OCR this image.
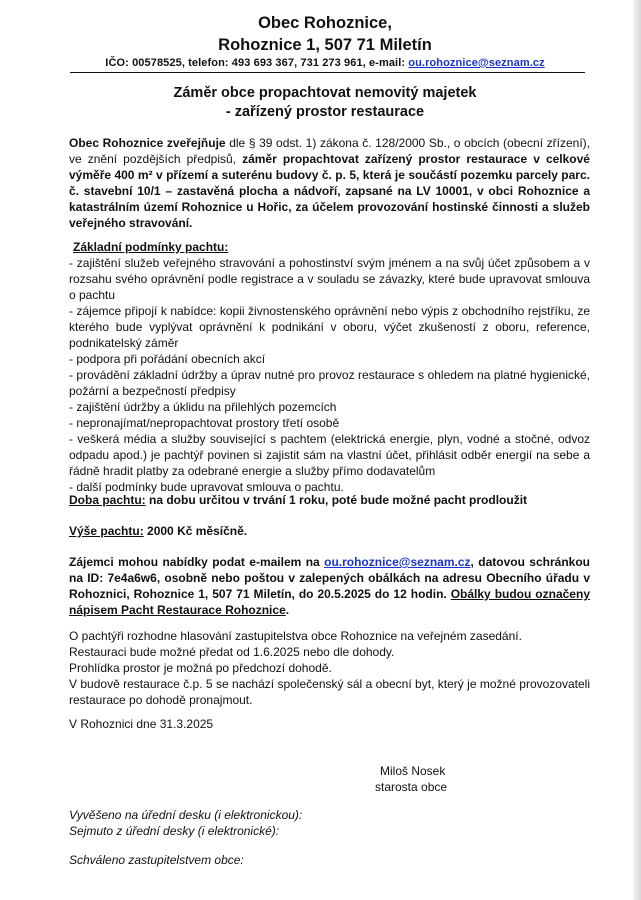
Obec Rohoznice,
Rohoznice 1, 507 71 Miletín
IČO: 00578525, telefon: 493 693 367, 731 273 961, e-mail: ou.rohoznice@seznam.cz
Záměr obce propachtovat nemovitý majetek
- zařízený prostor restaurace

Obec Rohoznice zveřejňuje dle § 39 odst. 1) zákona č. 128/2000 Sb., o obcích (obecní zřízení), ve znění pozdějších předpisů, záměr propachtovat zařízený prostor restaurace v celkové výměře 400 m² v přízemí a suterénu budovy č. p. 5, která je součástí pozemku parcely parc. č. stavební 10/1 – zastavěná plocha a nádvoří, zapsané na LV 10001, v obci Rohoznice a katastrálním území Rohoznice u Hořic, za účelem provozování hostinské činnosti a služeb veřejného stravování.

Základní podmínky pachtu:
- zajištění služeb veřejného stravování a pohostinství svým jménem a na svůj účet způsobem a v rozsahu svého oprávnění podle registrace a v souladu se závazky, které bude upravovat smlouva o pachtu
- zájemce připojí k nabídce: kopii živnostenského oprávnění nebo výpis z obchodního rejstříku, ze kterého bude vyplývat oprávnění k podnikání v oboru, výčet zkušeností z oboru, reference, podnikatelský záměr
- podpora při pořádání obecních akcí
- provádění základní údržby a úprav nutné pro provoz restaurace s ohledem na platné hygienické, požární a bezpečností předpisy
- zajištění údržby a úklidu na přilehlých pozemcích
- nepronajímat/nepropachtovat prostory třetí osobě
- veškerá média a služby související s pachtem (elektrická energie, plyn, vodné a stočné, odvoz odpadu apod.) je pachtýř povinen si zajistit sám na vlastní účet, přihlásit odběr energií na sebe a řádně hradit platby za odebrané energie a služby přímo dodavatelům
- další podmínky bude upravovat smlouva o pachtu.

Doba pachtu: na dobu určitou v trvání 1 roku, poté bude možné pacht prodloužit

Výše pachtu: 2000 Kč měsíčně.

Zájemci mohou nabídky podat e-mailem na ou.rohoznice@seznam.cz, datovou schránkou na ID: 7e4a6w6, osobně nebo poštou v zalepených obálkách na adresu Obecního úřadu v Rohoznici, Rohoznice 1, 507 71 Miletín, do 20.5.2025 do 12 hodin. Obálky budou označeny nápisem Pacht Restaurace Rohoznice.

O pachtýři rozhodne hlasování zastupitelstva obce Rohoznice na veřejném zasedání.
Restauraci bude možné předat od 1.6.2025 nebo dle dohody.
Prohlídka prostor je možná po předchozí dohodě.
V budově restaurace č.p. 5 se nachází společenský sál a obecní byt, který je možné provozovateli restaurace po dohodě pronajmout.

V Rohoznici dne 31.3.2025

Miloš Nosek
starosta obce
Vyvěšeno na úřední desku (i elektronickou):
Sejmuto z úřední desky (i elektronické):

Schváleno zastupitelstvem obce:
